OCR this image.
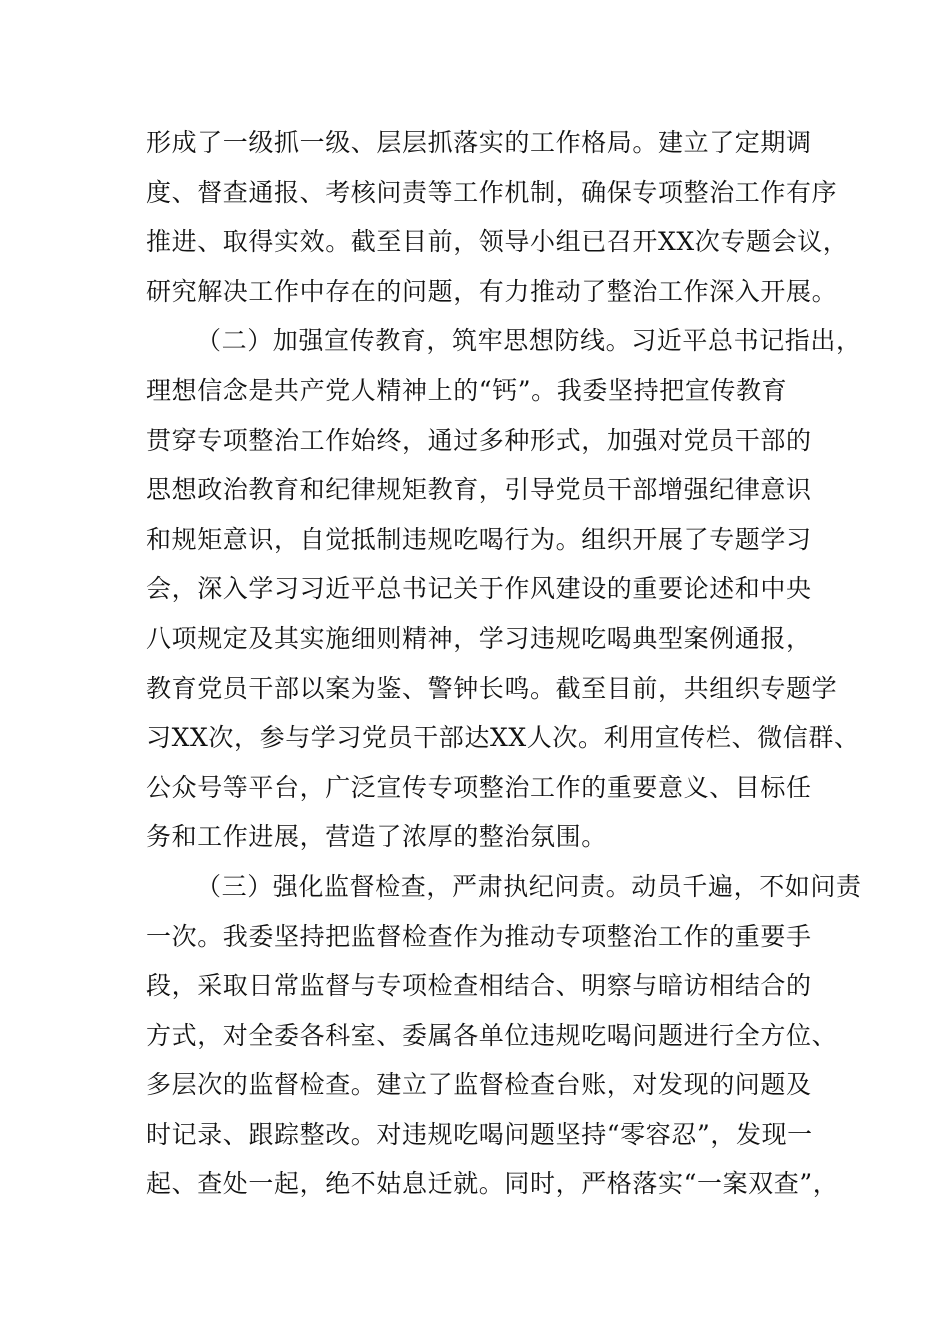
形成了一级抓一级、层层抓落实的工作格局。建立了定期调
度、督查通报、考核问责等工作机制，确保专项整治工作有序
推进、取得实效。截至目前，领导小组已召开XX次专题会议，
研究解决工作中存在的问题，有力推动了整治工作深入开展。
（二）加强宣传教育，筑牢思想防线。习近平总书记指出，
理想信念是共产党人精神上的“钙”。我委坚持把宣传教育
贯穿专项整治工作始终，通过多种形式，加强对党员干部的
思想政治教育和纪律规矩教育，引导党员干部增强纪律意识
和规矩意识，自觉抵制违规吃喝行为。组织开展了专题学习
会，深入学习习近平总书记关于作风建设的重要论述和中央
八项规定及其实施细则精神，学习违规吃喝典型案例通报，
教育党员干部以案为鉴、警钟长鸣。截至目前，共组织专题学
习XX次，参与学习党员干部达XX人次。利用宣传栏、微信群、
公众号等平台，广泛宣传专项整治工作的重要意义、目标任
务和工作进展，营造了浓厚的整治氛围。
（三）强化监督检查，严肃执纪问责。动员千遍，不如问责
一次。我委坚持把监督检查作为推动专项整治工作的重要手
段，采取日常监督与专项检查相结合、明察与暗访相结合的
方式，对全委各科室、委属各单位违规吃喝问题进行全方位、
多层次的监督检查。建立了监督检查台账，对发现的问题及
时记录、跟踪整改。对违规吃喝问题坚持“零容忍”，发现一
起、查处一起，绝不姑息迁就。同时，严格落实“一案双查”，
